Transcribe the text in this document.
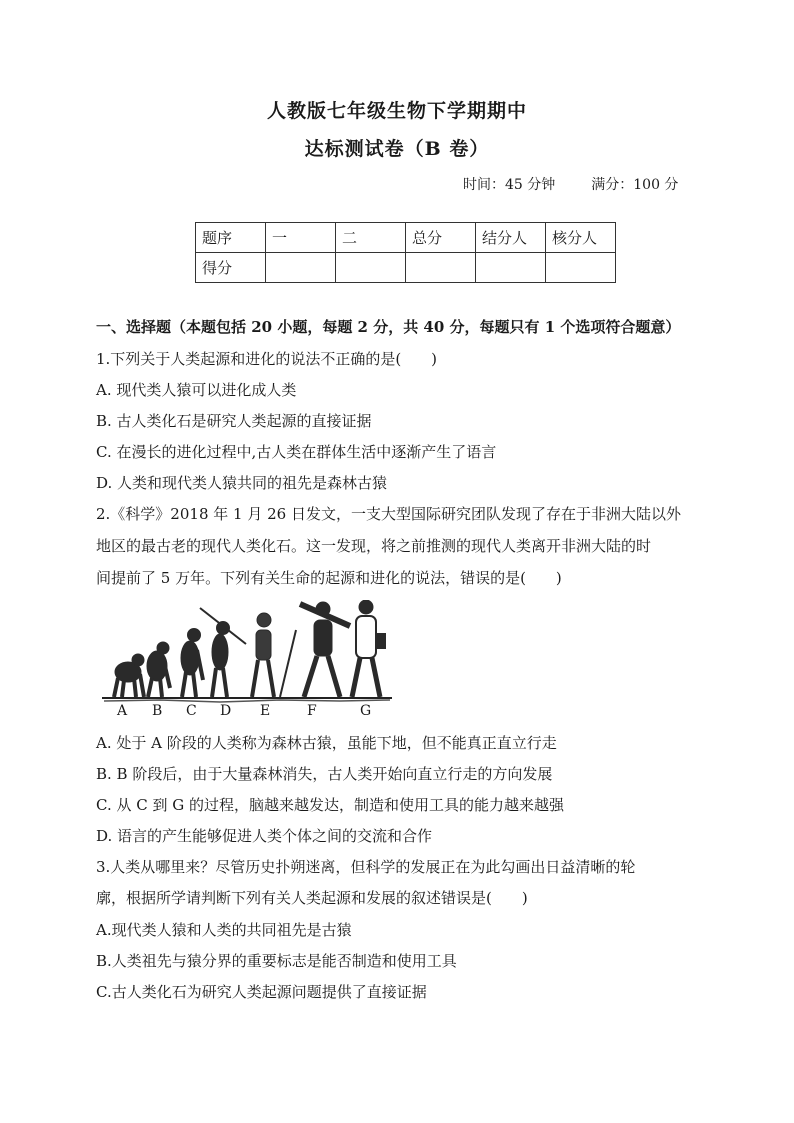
人教版七年级生物下学期期中
达标测试卷（B 卷）
时间：45 分钟	满分：100 分
题序	一	二	总分	结分人	核分人
得分					
一、选择题（本题包括 20 小题，每题 2 分，共 40 分，每题只有 1 个选项符合题意）
1.下列关于人类起源和进化的说法不正确的是(　　)
A. 现代类人猿可以进化成人类
B. 古人类化石是研究人类起源的直接证据
C. 在漫长的进化过程中,古人类在群体生活中逐渐产生了语言
D. 人类和现代类人猿共同的祖先是森林古猿
2.《科学》2018 年 1 月 26 日发文，一支大型国际研究团队发现了存在于非洲大陆以外
地区的最古老的现代人类化石。这一发现，将之前推测的现代人类离开非洲大陆的时
间提前了 5 万年。下列有关生命的起源和进化的说法，错误的是(　　)
A B C D E	F	G
A. 处于 A 阶段的人类称为森林古猿，虽能下地，但不能真正直立行走
B. B 阶段后，由于大量森林消失，古人类开始向直立行走的方向发展
C. 从 C 到 G 的过程，脑越来越发达，制造和使用工具的能力越来越强
D. 语言的产生能够促进人类个体之间的交流和合作
3.人类从哪里来？尽管历史扑朔迷离，但科学的发展正在为此勾画出日益清晰的轮
廓，根据所学请判断下列有关人类起源和发展的叙述错误是(　　)
A.现代类人猿和人类的共同祖先是古猿
B.人类祖先与猿分界的重要标志是能否制造和使用工具
C.古人类化石为研究人类起源问题提供了直接证据
